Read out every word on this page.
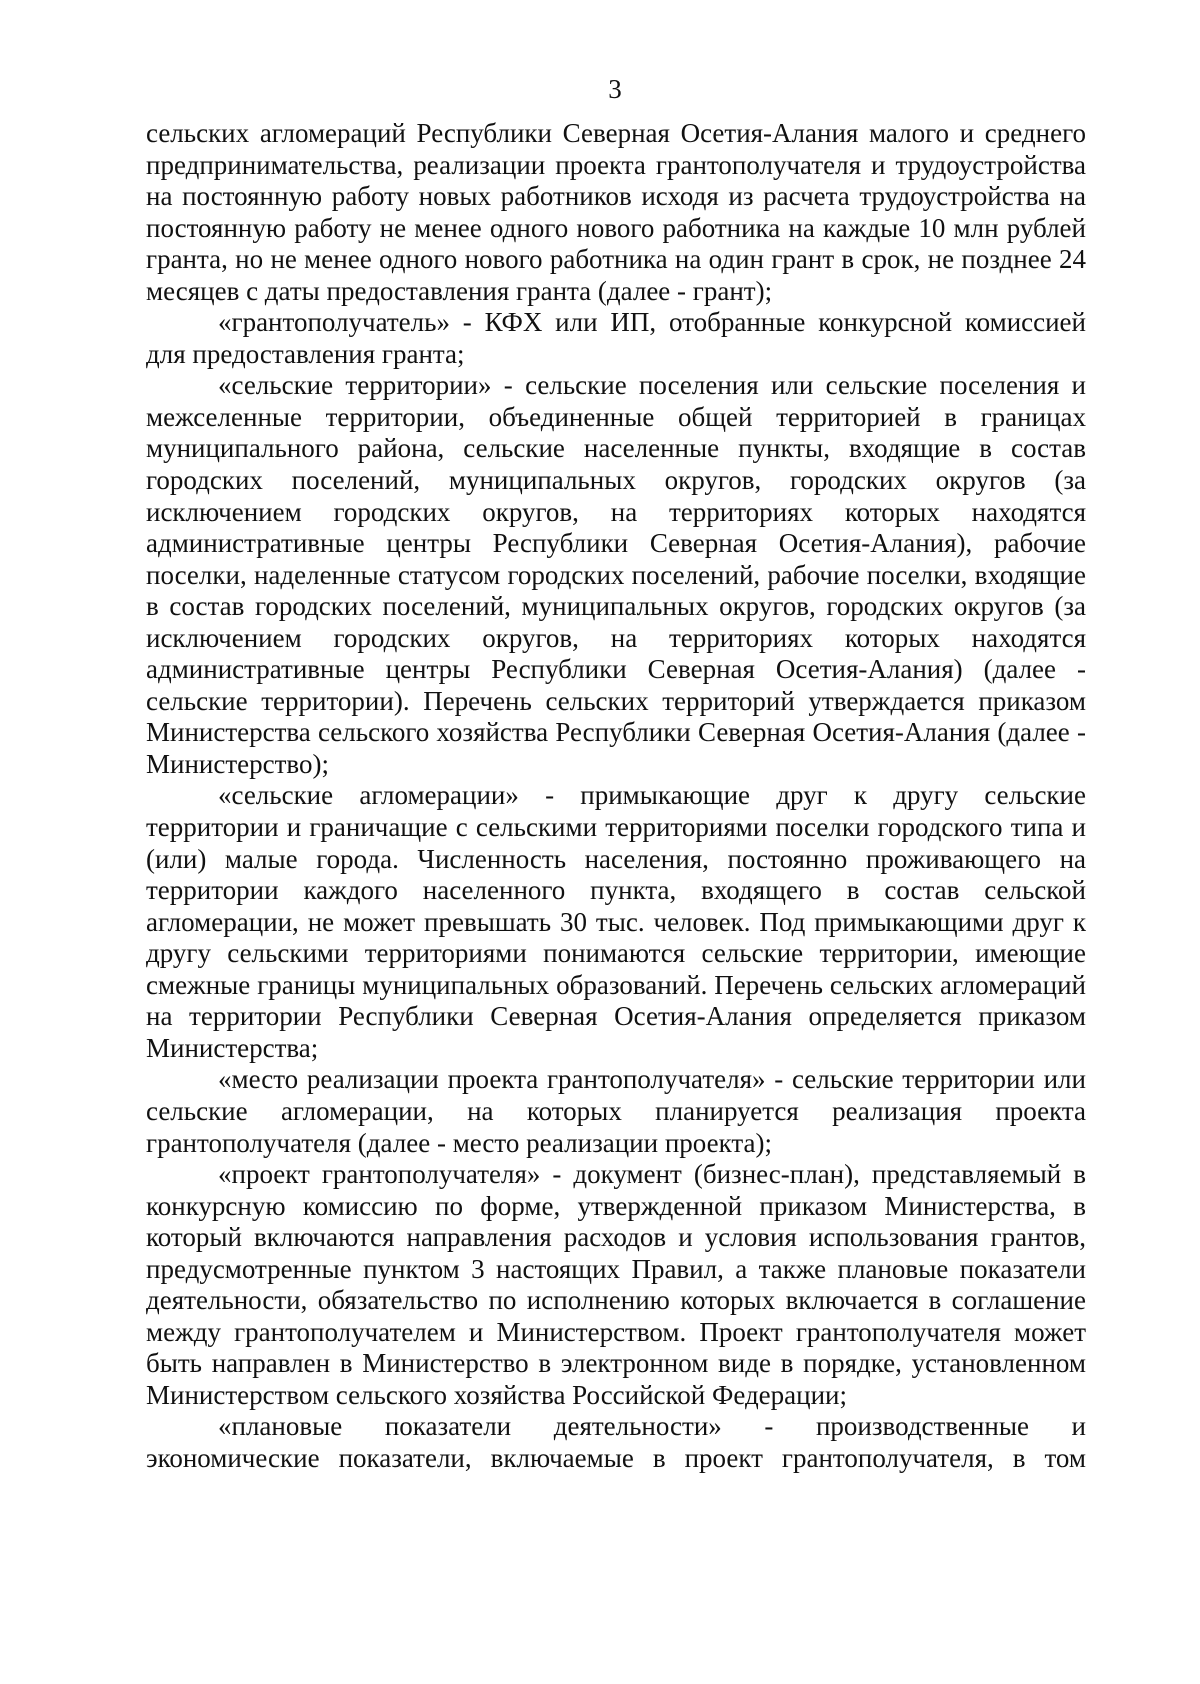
3

сельских агломераций Республики Северная Осетия-Алания малого и среднего предпринимательства, реализации проекта грантополучателя и трудоустройства на постоянную работу новых работников исходя из расчета трудоустройства на постоянную работу не менее одного нового работника на каждые 10 млн рублей гранта, но не менее одного нового работника на один грант в срок, не позднее 24 месяцев с даты предоставления гранта (далее - грант);

«грантополучатель» - КФХ или ИП, отобранные конкурсной комиссией для предоставления гранта;

«сельские территории» - сельские поселения или сельские поселения и межселенные территории, объединенные общей территорией в границах муниципального района, сельские населенные пункты, входящие в состав городских поселений, муниципальных округов, городских округов (за исключением городских округов, на территориях которых находятся административные центры Республики Северная Осетия-Алания), рабочие поселки, наделенные статусом городских поселений, рабочие поселки, входящие в состав городских поселений, муниципальных округов, городских округов (за исключением городских округов, на территориях которых находятся административные центры Республики Северная Осетия-Алания) (далее - сельские территории). Перечень сельских территорий утверждается приказом Министерства сельского хозяйства Республики Северная Осетия-Алания (далее - Министерство);

«сельские агломерации» - примыкающие друг к другу сельские территории и граничащие с сельскими территориями поселки городского типа и (или) малые города. Численность населения, постоянно проживающего на территории каждого населенного пункта, входящего в состав сельской агломерации, не может превышать 30 тыс. человек. Под примыкающими друг к другу сельскими территориями понимаются сельские территории, имеющие смежные границы муниципальных образований. Перечень сельских агломераций на территории Республики Северная Осетия-Алания определяется приказом Министерства;

«место реализации проекта грантополучателя» - сельские территории или сельские агломерации, на которых планируется реализация проекта грантополучателя (далее - место реализации проекта);

«проект грантополучателя» - документ (бизнес-план), представляемый в конкурсную комиссию по форме, утвержденной приказом Министерства, в который включаются направления расходов и условия использования грантов, предусмотренные пунктом 3 настоящих Правил, а также плановые показатели деятельности, обязательство по исполнению которых включается в соглашение между грантополучателем и Министерством. Проект грантополучателя может быть направлен в Министерство в электронном виде в порядке, установленном Министерством сельского хозяйства Российской Федерации;

«плановые показатели деятельности» - производственные и экономические показатели, включаемые в проект грантополучателя, в том
